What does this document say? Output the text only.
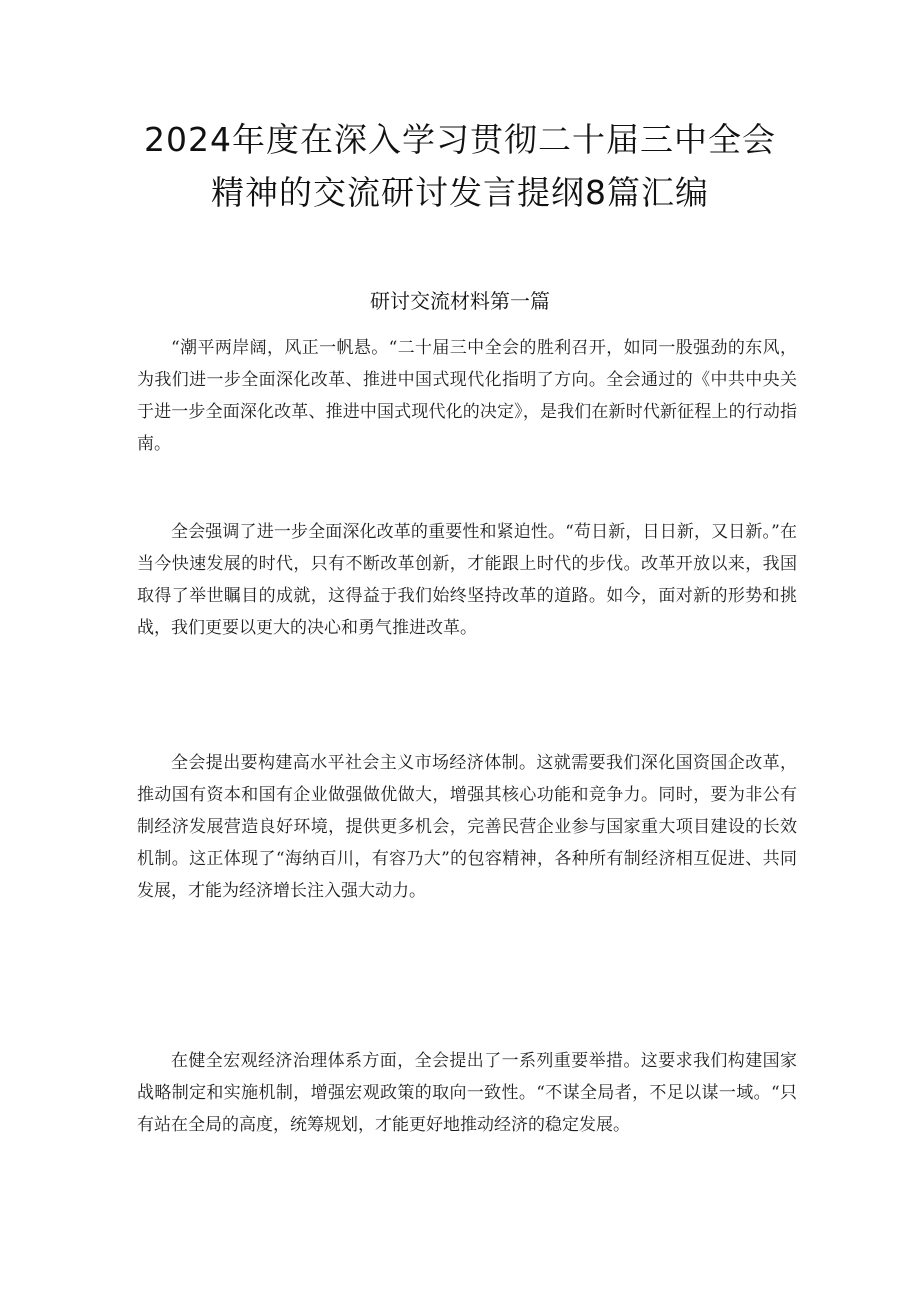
2024年度在深入学习贯彻二十届三中全会
精神的交流研讨发言提纲8篇汇编
研讨交流材料第一篇

“潮平两岸阔，风正一帆悬。“二十届三中全会的胜利召开，如同一股强劲的东风，为我们进一步全面深化改革、推进中国式现代化指明了方向。全会通过的《中共中央关于进一步全面深化改革、推进中国式现代化的决定》，是我们在新时代新征程上的行动指南。

全会强调了进一步全面深化改革的重要性和紧迫性。“苟日新，日日新，又日新。”在当今快速发展的时代，只有不断改革创新，才能跟上时代的步伐。改革开放以来，我国取得了举世瞩目的成就，这得益于我们始终坚持改革的道路。如今，面对新的形势和挑战，我们更要以更大的决心和勇气推进改革。

全会提出要构建高水平社会主义市场经济体制。这就需要我们深化国资国企改革，推动国有资本和国有企业做强做优做大，增强其核心功能和竞争力。同时，要为非公有制经济发展营造良好环境，提供更多机会，完善民营企业参与国家重大项目建设的长效机制。这正体现了“海纳百川，有容乃大”的包容精神，各种所有制经济相互促进、共同发展，才能为经济增长注入强大动力。

在健全宏观经济治理体系方面，全会提出了一系列重要举措。这要求我们构建国家战略制定和实施机制，增强宏观政策的取向一致性。“不谋全局者，不足以谋一域。“只有站在全局的高度，统筹规划，才能更好地推动经济的稳定发展。
